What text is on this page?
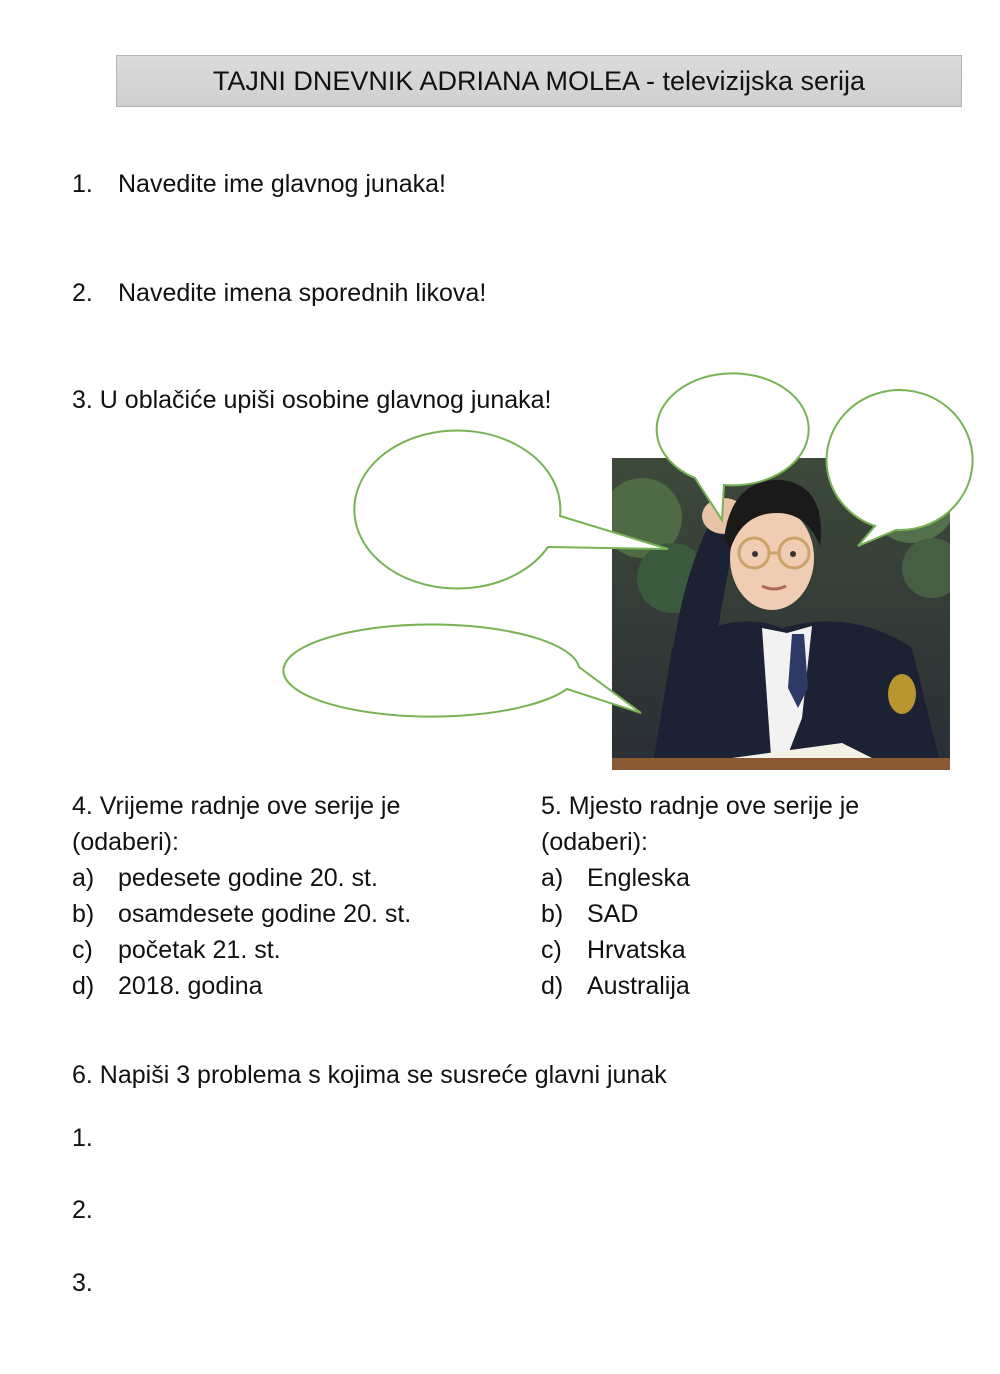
TAJNI DNEVNIK ADRIANA MOLEA - televizijska serija
1. Navedite ime glavnog junaka!
2. Navedite imena sporednih likova!
3. U oblačiće upiši osobine glavnog junaka!
4. Vrijeme radnje ove serije je
(odaberi):
a) pedesete godine 20. st.
b) osamdesete godine 20. st.
c) početak 21. st.
d) 2018. godina
5. Mjesto radnje ove serije je
(odaberi):
a) Engleska
b) SAD
c) Hrvatska
d) Australija
6. Napiši 3 problema s kojima se susreće glavni junak
1.
2.
3.
